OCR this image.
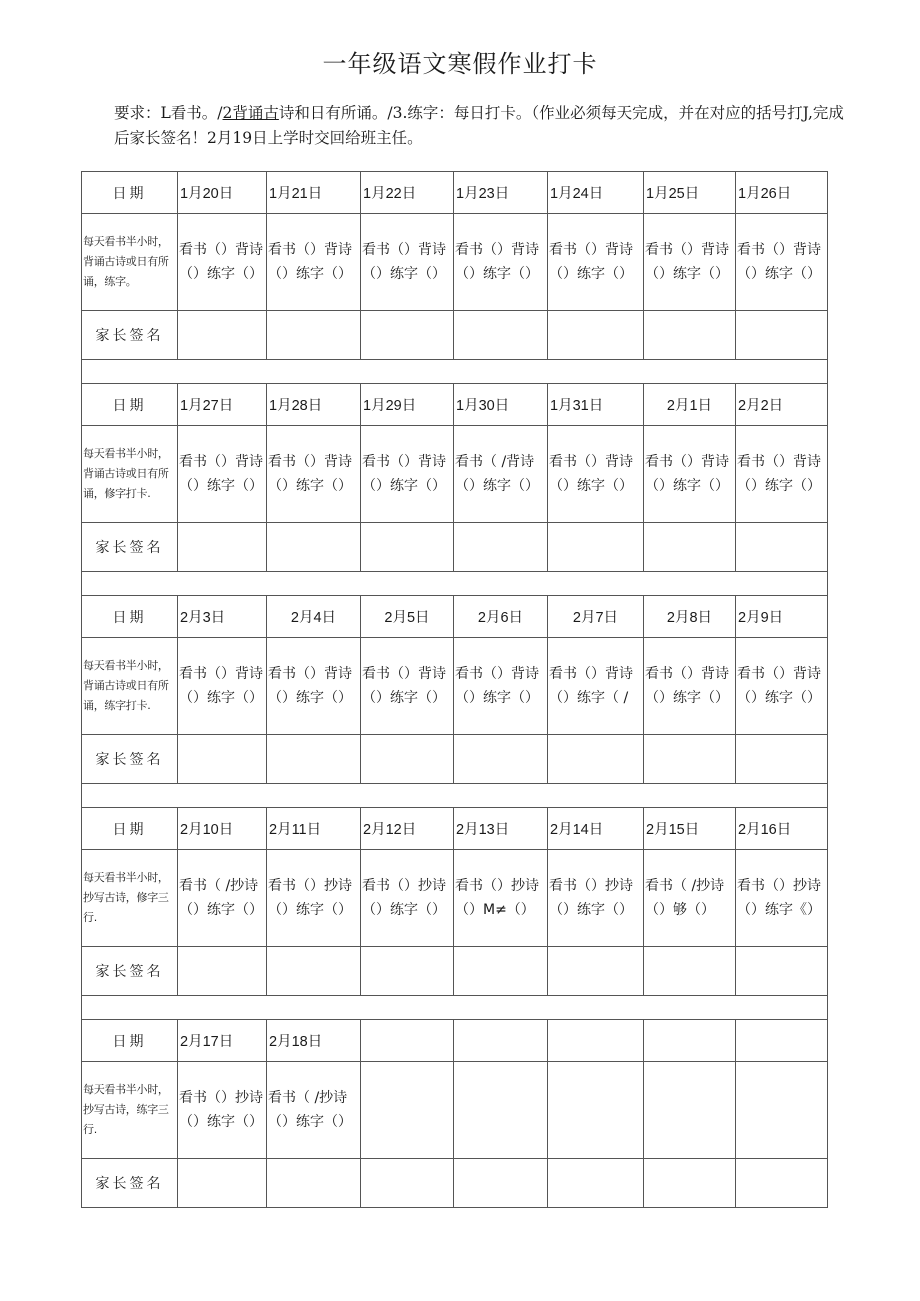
一年级语文寒假作业打卡

要求：L看书。/2背诵古诗和日有所诵。/3.练字：每日打卡。（作业必须每天完成，并在对应的括号打J,完成后家长签名！2月19日上学时交回给班主任。

日期	1月20日	1月21日	1月22日	1月23日	1月24日	1月25日	1月26日
每天看书半小时，背诵古诗或日有所诵，练字。	看书（）背诗（）练字（）	看书（）背诗（）练字（）	看书（）背诗（）练字（）	看书（）背诗（）练字（）	看书（）背诗（）练字（）	看书（）背诗（）练字（）	看书（）背诗（）练字（）
家长签名							

日期	1月27日	1月28日	1月29日	1月30日	1月31日	2月1日	2月2日
每天看书半小时，背诵古诗或日有所诵，修字打卡.	看书（）背诗（）练字（）	看书（）背诗（）练字（）	看书（）背诗（）练字（）	看书（ /背诗（）练字（）	看书（）背诗（）练字（）	看书（）背诗（）练字（）	看书（）背诗（）练字（）
家长签名							

日期	2月3日	2月4日	2月5日	2月6日	2月7日	2月8日	2月9日
每天看书半小时，背诵古诗或日有所诵，练字打卡.	看书（）背诗（）练字（）	看书（）背诗（）练字（）	看书（）背诗（）练字（）	看书（）背诗（）练字（）	看书（）背诗（）练字（ /	看书（）背诗（）练字（）	看书（）背诗（）练字（）
家长签名							

日期	2月10日	2月11日	2月12日	2月13日	2月14日	2月15日	2月16日
每天看书半小时，抄写古诗，修字三行.	看书（ /抄诗（）练字（）	看书（）抄诗（）练字（）	看书（）抄诗（）练字（）	看书（）抄诗（）M≠（）	看书（）抄诗（）练字（）	看书（ /抄诗（）够（）	看书（）抄诗（）练字《）
家长签名							

日期	2月17日	2月18日					
每天看书半小时，抄写古诗，练字三行.	看书（）抄诗（）练字（）	看书（ /抄诗（）练字（）					
家长签名							
